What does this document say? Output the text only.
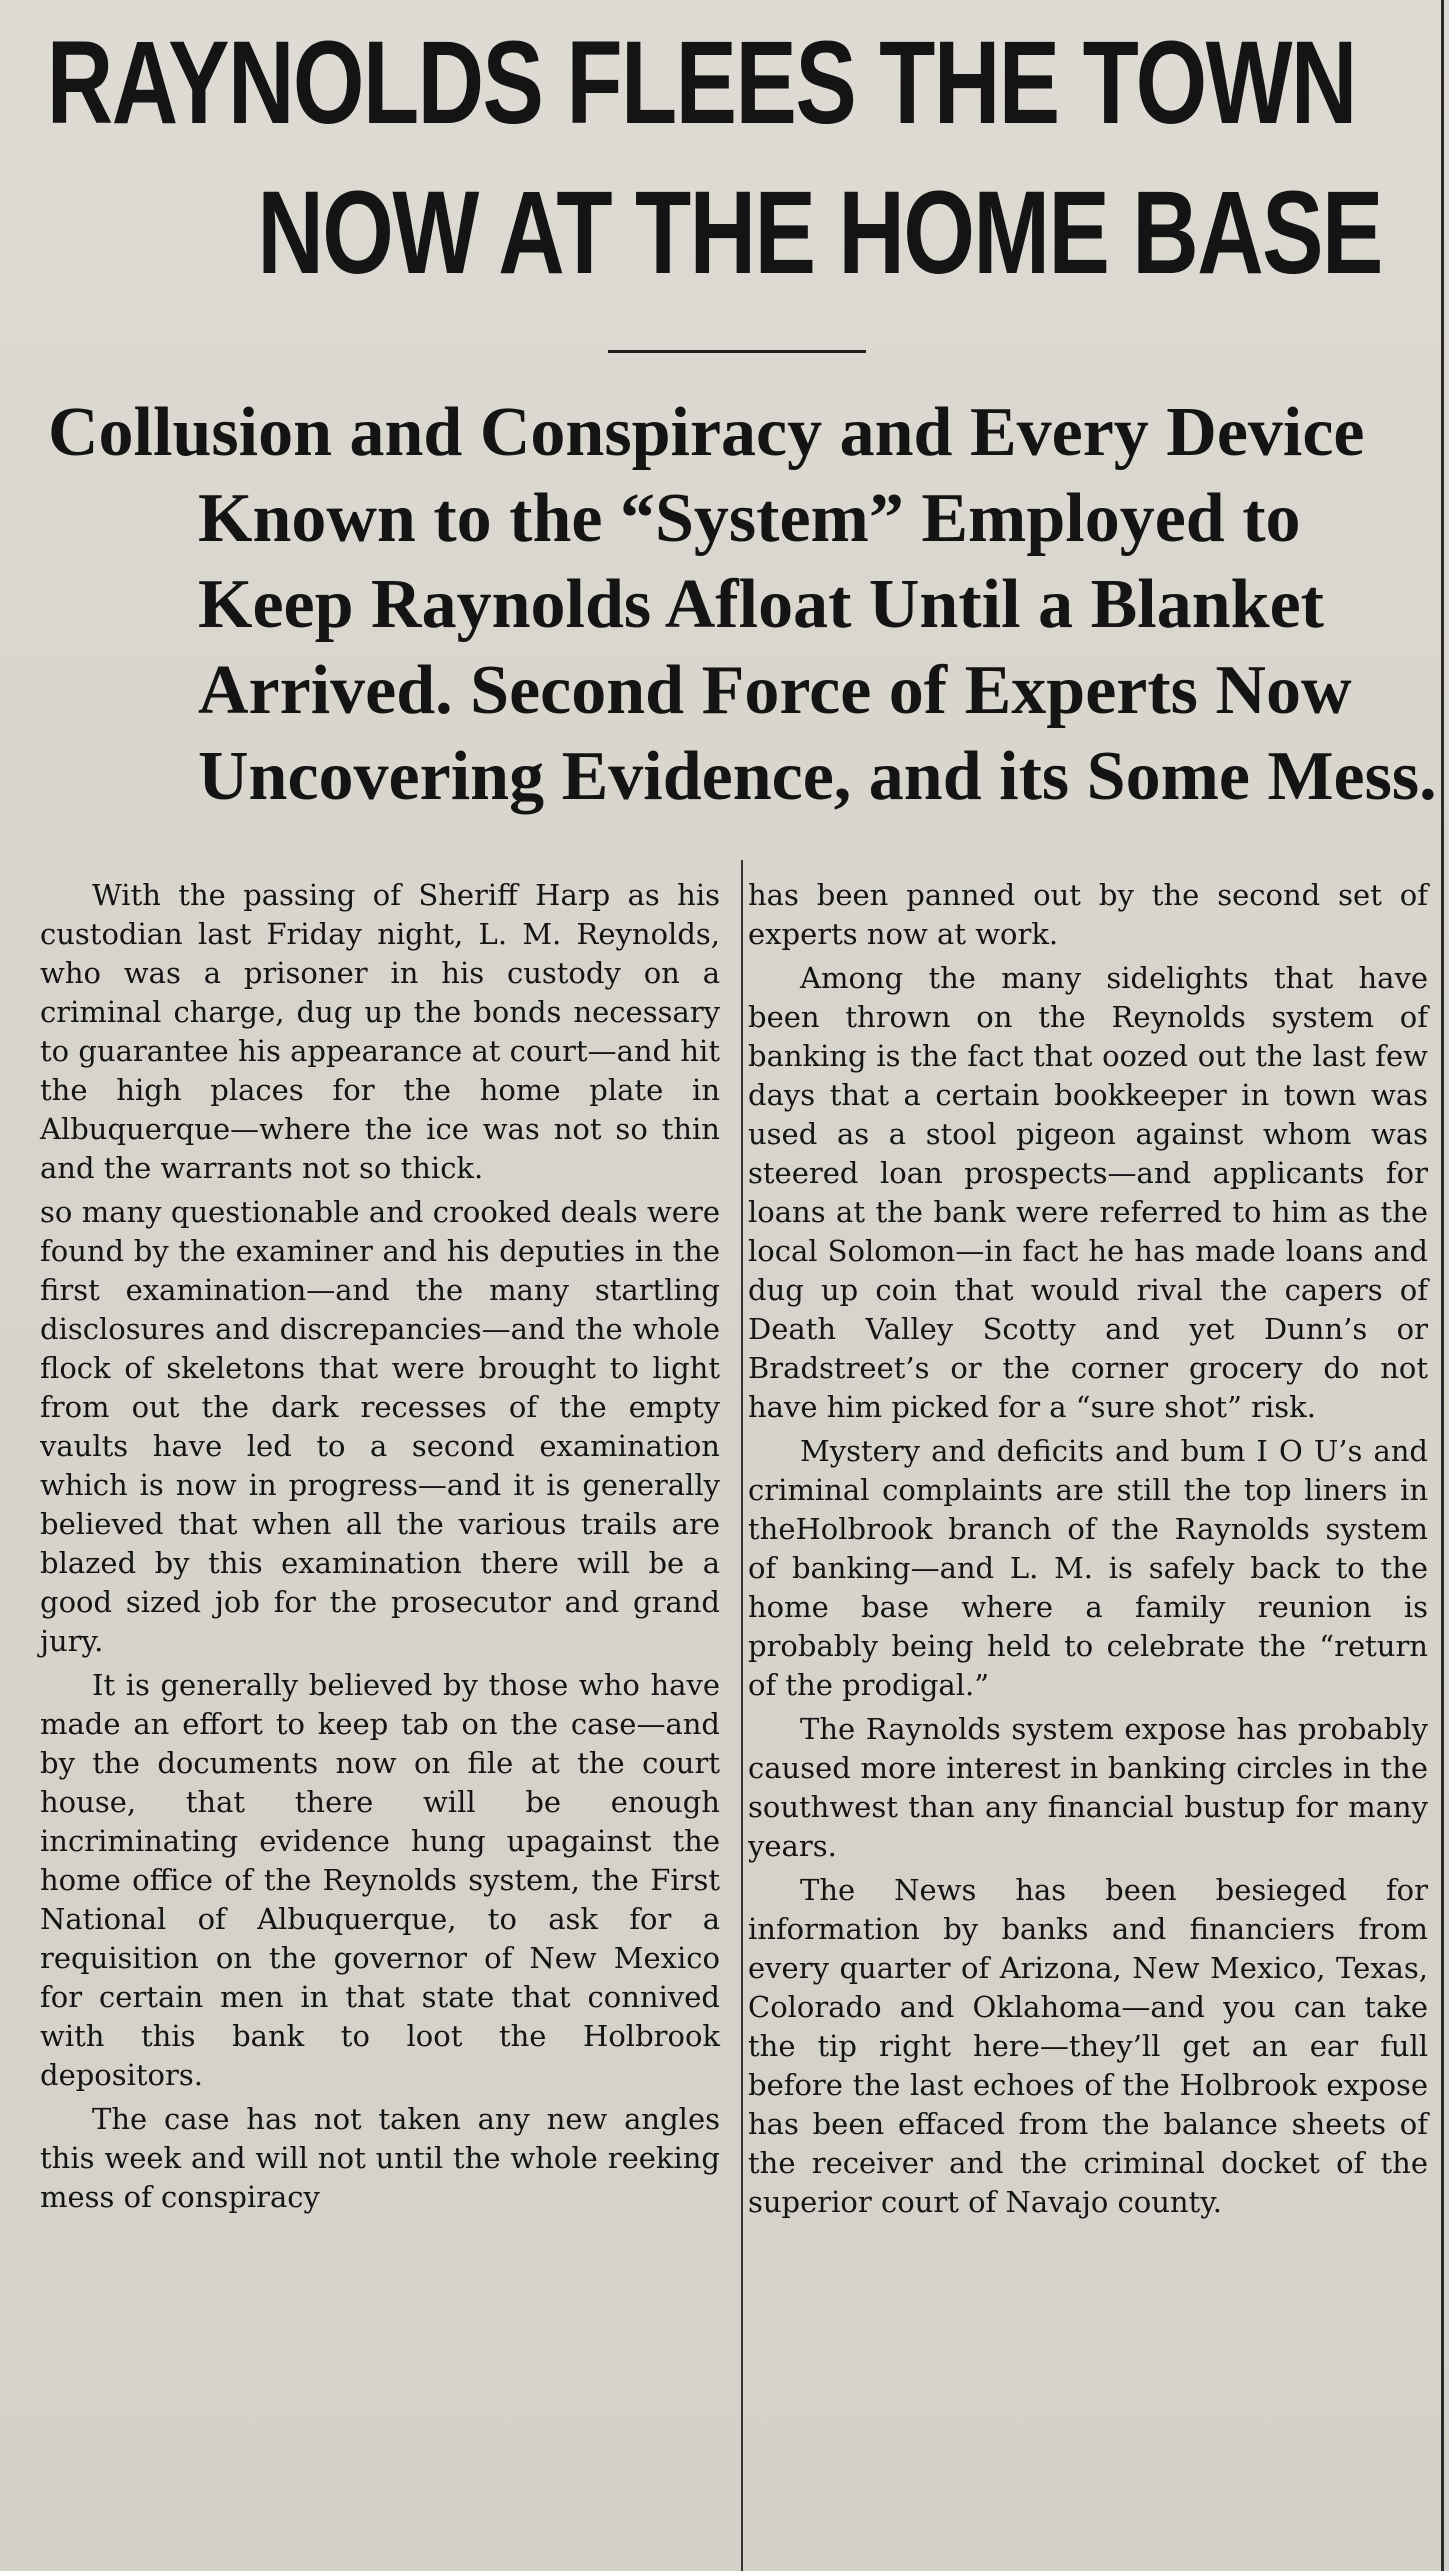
RAYNOLDS FLEES THE TOWN
NOW AT THE HOME BASE
Collusion and Conspiracy and Every Device
Known to the “System” Employed to
Keep Raynolds Afloat Until a Blanket
Arrived. Second Force of Experts Now
Uncovering Evidence, and its Some Mess.

With the passing of Sheriff Harp as his custodian last Friday night, L. M. Reynolds, who was a prisoner in his custody on a criminal charge, dug up the bonds necessary to guarantee his appearance at court—and hit the high places for the home plate in Albuquerque—where the ice was not so thin and the warrants not so thick.

so many questionable and crooked deals were found by the examiner and his deputies in the first examination—and the many startling disclosures and discrepancies—and the whole flock of skeletons that were brought to light from out the dark recesses of the empty vaults have led to a second examination which is now in progress—and it is generally believed that when all the various trails are blazed by this examination there will be a good sized job for the prosecutor and grand jury.

It is generally believed by those who have made an effort to keep tab on the case—and by the documents now on file at the court house, that there will be enough incriminating evidence hung upagainst the home office of the Reynolds system, the First National of Albuquerque, to ask for a requisition on the governor of New Mexico for certain men in that state that connived with this bank to loot the Holbrook depositors.

The case has not taken any new angles this week and will not until the whole reeking mess of conspiracy

has been panned out by the second set of experts now at work.

Among the many sidelights that have been thrown on the Reynolds system of banking is the fact that oozed out the last few days that a certain bookkeeper in town was used as a stool pigeon against whom was steered loan prospects—and applicants for loans at the bank were referred to him as the local Solomon—in fact he has made loans and dug up coin that would rival the capers of Death Valley Scotty and yet Dunn’s or Bradstreet’s or the corner grocery do not have him picked for a “sure shot” risk.

Mystery and deficits and bum I O U’s and criminal complaints are still the top liners in theHolbrook branch of the Raynolds system of banking—and L. M. is safely back to the home base where a family reunion is probably being held to celebrate the “return of the prodigal.”

The Raynolds system expose has probably caused more interest in banking circles in the southwest than any financial bustup for many years.

The News has been besieged for information by banks and financiers from every quarter of Arizona, New Mexico, Texas, Colorado and Oklahoma—and you can take the tip right here—they’ll get an ear full before the last echoes of the Holbrook expose has been effaced from the balance sheets of the receiver and the criminal docket of the superior court of Navajo county.
